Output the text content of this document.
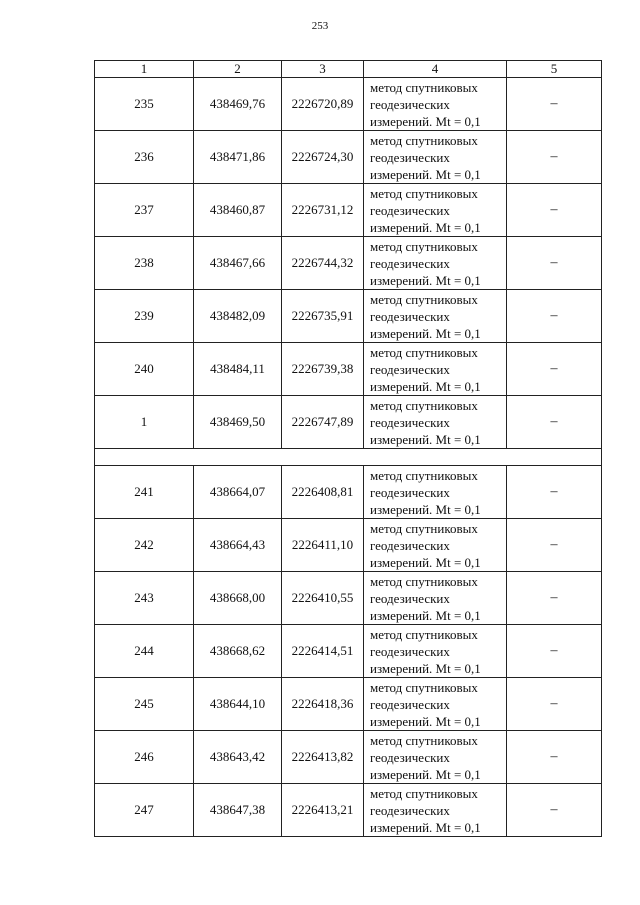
253
1	2	3	4	5
235	438469,76	2226720,89	метод спутниковых
геодезических
измерений. Mt = 0,1	–
236	438471,86	2226724,30	метод спутниковых
геодезических
измерений. Mt = 0,1	–
237	438460,87	2226731,12	метод спутниковых
геодезических
измерений. Mt = 0,1	–
238	438467,66	2226744,32	метод спутниковых
геодезических
измерений. Mt = 0,1	–
239	438482,09	2226735,91	метод спутниковых
геодезических
измерений. Mt = 0,1	–
240	438484,11	2226739,38	метод спутниковых
геодезических
измерений. Mt = 0,1	–
1	438469,50	2226747,89	метод спутниковых
геодезических
измерений. Mt = 0,1	–

241	438664,07	2226408,81	метод спутниковых
геодезических
измерений. Mt = 0,1	–
242	438664,43	2226411,10	метод спутниковых
геодезических
измерений. Mt = 0,1	–
243	438668,00	2226410,55	метод спутниковых
геодезических
измерений. Mt = 0,1	–
244	438668,62	2226414,51	метод спутниковых
геодезических
измерений. Mt = 0,1	–
245	438644,10	2226418,36	метод спутниковых
геодезических
измерений. Mt = 0,1	–
246	438643,42	2226413,82	метод спутниковых
геодезических
измерений. Mt = 0,1	–
247	438647,38	2226413,21	метод спутниковых
геодезических
измерений. Mt = 0,1	–
